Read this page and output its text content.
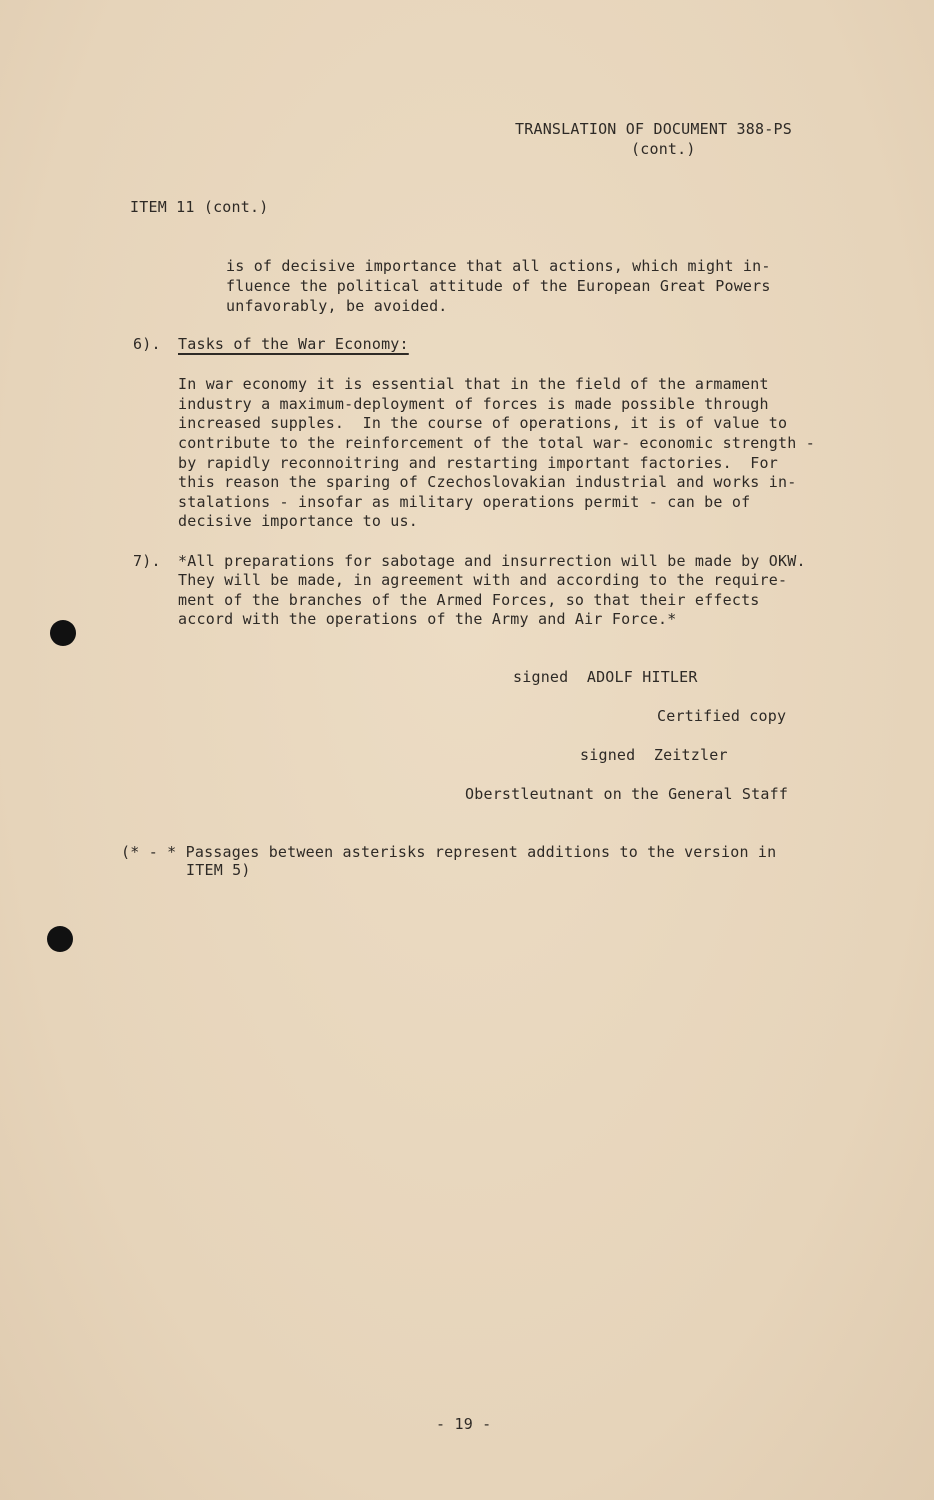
TRANSLATION OF DOCUMENT 388-PS
(cont.)
ITEM 11 (cont.)
is of decisive importance that all actions, which might in-
fluence the political attitude of the European Great Powers
unfavorably, be avoided.
6). Tasks of the War Economy:
In war economy it is essential that in the field of the armament
industry a maximum-deployment of forces is made possible through
increased supples.  In the course of operations, it is of value to
contribute to the reinforcement of the total war- economic strength -
by rapidly reconnoitring and restarting important factories.  For
this reason the sparing of Czechoslovakian industrial and works in-
stalations - insofar as military operations permit - can be of
decisive importance to us.
7). *All preparations for sabotage and insurrection will be made by OKW.
They will be made, in agreement with and according to the require-
ment of the branches of the Armed Forces, so that their effects
accord with the operations of the Army and Air Force.*
signed  ADOLF HITLER
Certified copy
signed  Zeitzler
Oberstleutnant on the General Staff
(* - * Passages between asterisks represent additions to the version in
ITEM 5)
- 19 -
